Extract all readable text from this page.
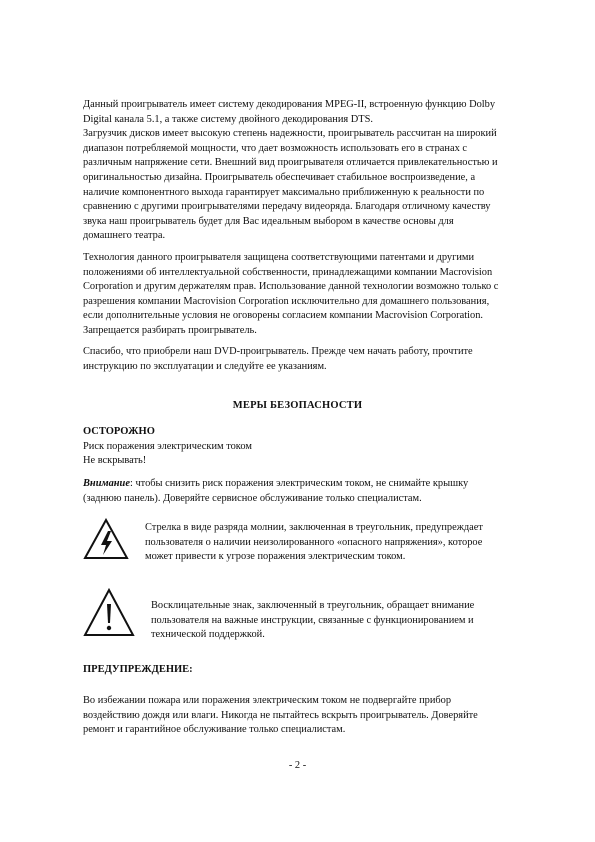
Данный проигрыватель имеет систему декодирования MPEG-II, встроенную функцию Dolby
Digital канала 5.1, а также систему двойного декодирования DTS.
Загрузчик дисков имеет высокую степень надежности, проигрыватель рассчитан на широкий
диапазон потребляемой мощности, что дает возможность использовать его в странах с
различным напряжение сети. Внешний вид проигрывателя отличается привлекательностью и
оригинальностью дизайна. Проигрыватель обеспечивает стабильное воспроизведение, а
наличие компонентного выхода гарантирует максимально приближенную к реальности по
сравнению с другими проигрывателями передачу видеоряда. Благодаря отличному качеству
звука наш проигрыватель будет для Вас идеальным выбором в качестве основы для
домашнего театра.
Технология данного проигрывателя защищена соответствующими патентами и другими
положениями об интеллектуальной собственности, принадлежащими компании Macrovision
Corporation и другим держателям прав. Использование данной технологии возможно только с
разрешения компании Macrovision Corporation исключительно для домашнего пользования,
если дополнительные условия не оговорены согласием компании Macrovision Corporation.
Запрещается разбирать проигрыватель.
Спасибо, что приобрели наш DVD-проигрыватель. Прежде чем начать работу, прочтите
инструкцию по эксплуатации и следуйте ее указаниям.
МЕРЫ БЕЗОПАСНОСТИ
ОСТОРОЖНО
Риск поражения электрическим током
Не вскрывать!
Внимание: чтобы снизить риск поражения электрическим током, не снимайте крышку
(заднюю панель). Доверяйте сервисное обслуживание только специалистам.
Стрелка в виде разряда молнии, заключенная в треугольник, предупреждает
пользователя о наличии неизолированного «опасного напряжения», которое
может привести к угрозе поражения электрическим током.
Восклицательные знак, заключенный в треугольник, обращает внимание
пользователя на важные инструкции, связанные с функционированием и
технической поддержкой.
ПРЕДУПРЕЖДЕНИЕ:
Во избежании пожара или поражения электрическим током не подвергайте прибор
воздействию дождя или влаги. Никогда не пытайтесь вскрыть проигрыватель. Доверяйте
ремонт и гарантийное обслуживание только специалистам.
- 2 -
